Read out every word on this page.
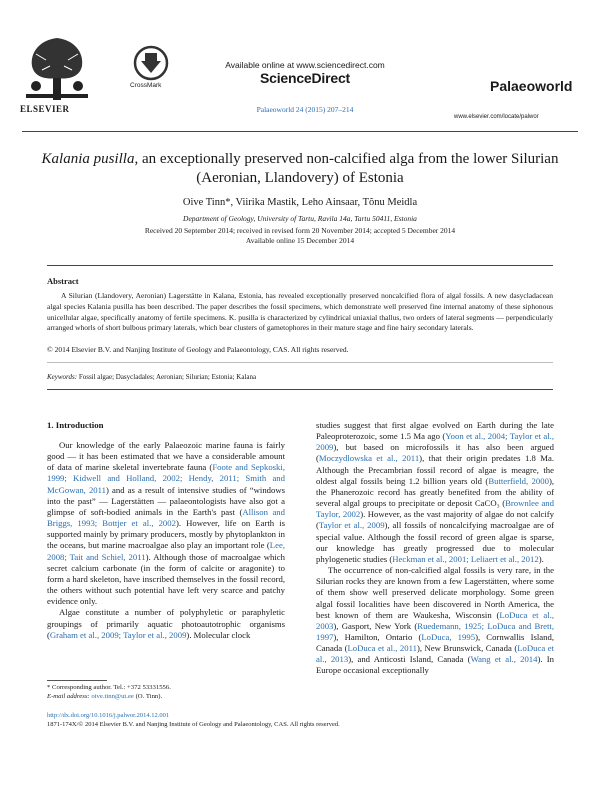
ELSEVIER
CrossMark
Available online at www.sciencedirect.com
ScienceDirect
Palaeoworld 24 (2015) 207–214
Palaeoworld
www.elsevier.com/locate/palwor
Kalania pusilla, an exceptionally preserved non-calcified alga from the lower Silurian (Aeronian, Llandovery) of Estonia
Oive Tinn*, Viirika Mastik, Leho Ainsaar, Tõnu Meidla
Department of Geology, University of Tartu, Ravila 14a, Tartu 50411, Estonia
Received 20 September 2014; received in revised form 20 November 2014; accepted 5 December 2014
Available online 15 December 2014
Abstract

A Silurian (Llandovery, Aeronian) Lagerstätte in Kalana, Estonia, has revealed exceptionally preserved noncalcified flora of algal fossils. A new dasycladacean algal species Kalania pusilla has been described. The paper describes the fossil specimens, which demonstrate well preserved fine internal anatomy of these siphonous unicellular algae, specifically anatomy of fertile specimens. K. pusilla is characterized by cylindrical uniaxial thallus, two orders of lateral segments — perpendicularly arranged whorls of short bulbous primary laterals, which bear clusters of gametophores in their mature stage and fine hairy secondary laterals.

© 2014 Elsevier B.V. and Nanjing Institute of Geology and Palaeontology, CAS. All rights reserved.
Keywords: Fossil algae; Dasycladales; Aeronian; Silurian; Estonia; Kalana
1. Introduction

Our knowledge of the early Palaeozoic marine fauna is fairly good — it has been estimated that we have a considerable amount of data of marine skeletal invertebrate fauna (Foote and Sepkoski, 1999; Kidwell and Holland, 2002; Hendy, 2011; Smith and McGowan, 2011) and as a result of intensive studies of “windows into the past” — Lagerstätten — palaeontologists have also got a glimpse of soft-bodied animals in the Earth's past (Allison and Briggs, 1993; Bottjer et al., 2002). However, life on Earth is supported mainly by primary producers, mostly by phytoplankton in the oceans, but marine macroalgae also play an important role (Lee, 2008; Tait and Schiel, 2011). Although those of macroalgae which secret calcium carbonate (in the form of calcite or aragonite) to form a hard skeleton, have inscribed themselves in the fossil record, the others without such potential have left very scarce and patchy evidence only.

Algae constitute a number of polyphyletic or paraphyletic groupings of primarily aquatic photoautotrophic organisms (Graham et al., 2009; Taylor et al., 2009). Molecular clock

studies suggest that first algae evolved on Earth during the late Paleoproterozoic, some 1.5 Ma ago (Yoon et al., 2004; Taylor et al., 2009), but based on microfossils it has also been argued (Moczydlowska et al., 2011), that their origin predates 1.8 Ma. Although the Precambrian fossil record of algae is meagre, the oldest algal fossils being 1.2 billion years old (Butterfield, 2000), the Phanerozoic record has greatly benefited from the ability of several algal groups to precipitate or deposit CaCO₃ (Brownlee and Taylor, 2002). However, as the vast majority of algae do not calcify (Taylor et al., 2009), all fossils of noncalcifying macroalgae are of special value. Although the fossil record of green algae is sparse, our knowledge has greatly progressed due to molecular phylogenetic studies (Heckman et al., 2001; Leliaert et al., 2012).

The occurrence of non-calcified algal fossils is very rare, in the Silurian rocks they are known from a few Lagerstätten, where some of them show well preserved delicate morphology. Some green algal fossil localities have been discovered in North America, the best known of them are Waukesha, Wisconsin (LoDuca et al., 2003), Gasport, New York (Ruedemann, 1925; LoDuca and Brett, 1997), Hamilton, Ontario (LoDuca, 1995), Cornwallis Island, Canada (LoDuca et al., 2011), New Brunswick, Canada (LoDuca et al., 2013), and Anticosti Island, Canada (Wang et al., 2014). In Europe occasional exceptionally

* Corresponding author. Tel.: +372 53331556.
E-mail address: oive.tinn@ut.ee (O. Tinn).
http://dx.doi.org/10.1016/j.palwor.2014.12.001
1871-174X/© 2014 Elsevier B.V. and Nanjing Institute of Geology and Palaeontology, CAS. All rights reserved.
